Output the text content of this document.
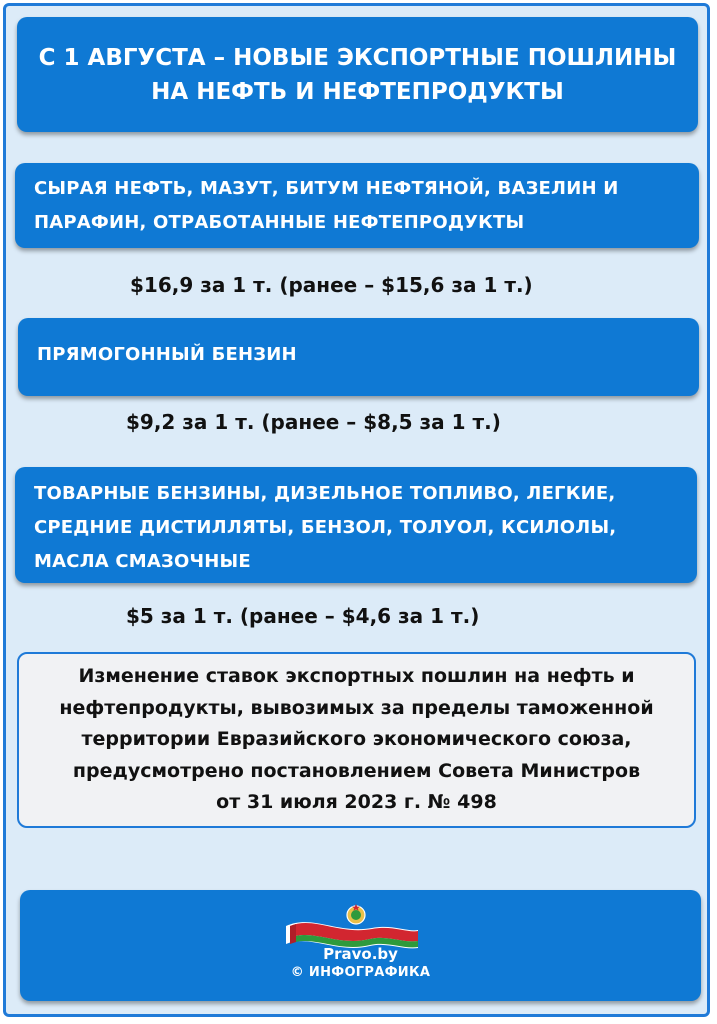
С 1 АВГУСТА – НОВЫЕ ЭКСПОРТНЫЕ ПОШЛИНЫ
НА НЕФТЬ И НЕФТЕПРОДУКТЫ
СЫРАЯ НЕФТЬ, МАЗУТ, БИТУМ НЕФТЯНОЙ, ВАЗЕЛИН И
ПАРАФИН, ОТРАБОТАННЫЕ НЕФТЕПРОДУКТЫ
$16,9 за 1 т. (ранее – $15,6 за 1 т.)
ПРЯМОГОННЫЙ БЕНЗИН
$9,2 за 1 т. (ранее – $8,5 за 1 т.)
ТОВАРНЫЕ БЕНЗИНЫ, ДИЗЕЛЬНОЕ ТОПЛИВО, ЛЕГКИЕ,
СРЕДНИЕ ДИСТИЛЛЯТЫ, БЕНЗОЛ, ТОЛУОЛ, КСИЛОЛЫ,
МАСЛА СМАЗОЧНЫЕ
$5 за 1 т. (ранее – $4,6 за 1 т.)
Изменение ставок экспортных пошлин на нефть и
нефтепродукты, вывозимых за пределы таможенной
территории Евразийского экономического союза,
предусмотрено постановлением Совета Министров
от 31 июля 2023 г. № 498
Pravo.by
© ИНФОГРАФИКА
